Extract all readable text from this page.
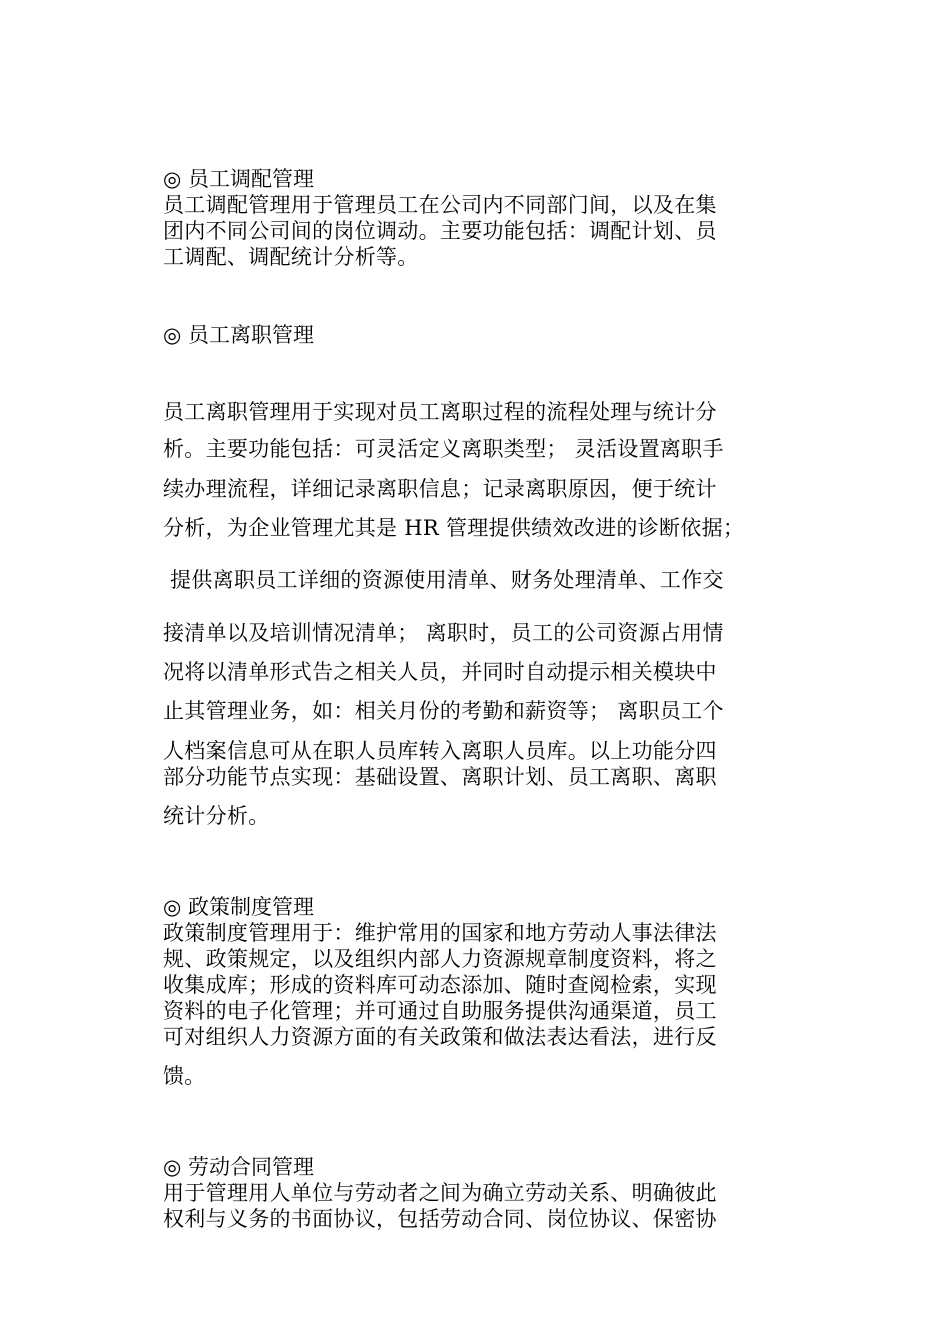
◎ 员工调配管理
员工调配管理用于管理员工在公司内不同部门间，以及在集
团内不同公司间的岗位调动。主要功能包括：调配计划、员
工调配、调配统计分析等。
◎ 员工离职管理
员工离职管理用于实现对员工离职过程的流程处理与统计分
析。主要功能包括：可灵活定义离职类型； 灵活设置离职手
续办理流程，详细记录离职信息；记录离职原因，便于统计
分析，为企业管理尤其是 HR 管理提供绩效改进的诊断依据；
提供离职员工详细的资源使用清单、财务处理清单、工作交
接清单以及培训情况清单； 离职时，员工的公司资源占用情
况将以清单形式告之相关人员，并同时自动提示相关模块中
止其管理业务，如：相关月份的考勤和薪资等； 离职员工个
人档案信息可从在职人员库转入离职人员库。以上功能分四
部分功能节点实现：基础设置、离职计划、员工离职、离职
统计分析。
◎ 政策制度管理
政策制度管理用于：维护常用的国家和地方劳动人事法律法
规、政策规定，以及组织内部人力资源规章制度资料，将之
收集成库；形成的资料库可动态添加、随时查阅检索，实现
资料的电子化管理；并可通过自助服务提供沟通渠道，员工
可对组织人力资源方面的有关政策和做法表达看法，进行反
馈。
◎ 劳动合同管理
用于管理用人单位与劳动者之间为确立劳动关系、明确彼此
权利与义务的书面协议，包括劳动合同、岗位协议、保密协
